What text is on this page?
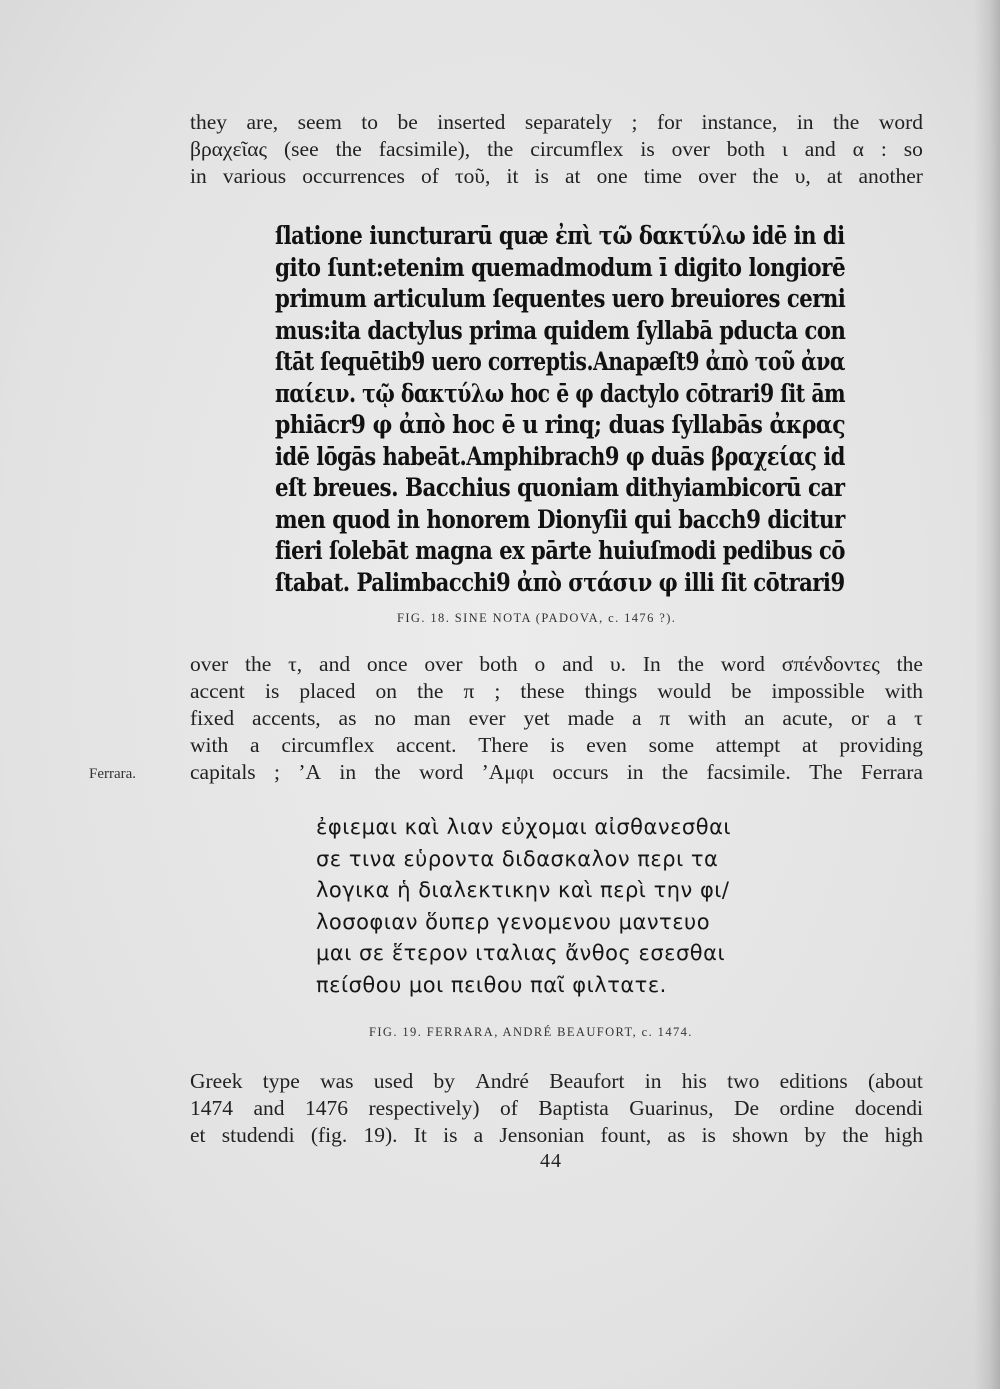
they are, seem to be inserted separately ; for instance, in the word
βραχεῖας (see the facsimile), the circumflex is over both ι and α : so
in various occurrences of τοῦ, it is at one time over the υ, at another
ſlatione iuncturarū quæ ἐπὶ τῶ δακτύλω idē in di
gito ſunt:etenim quemadmodum ī digito longiorē
primum articulum ſequentes uero breuiores cerni
mus:ita dactylus prima quidem ſyllabā pducta con
ſtāt ſequētib9 uero correptis.Anapæſt9 ἀπὸ τοῦ ἀνα
παίειν. τῷ δακτύλω hoc ē φ dactylo cōtrari9 ſit ām
phiācr9 φ ἀπὸ hoc ē u rinq; duas ſyllabās ἀκρας
idē lōgās habeāt.Amphibrach9 φ duās βραχείας id
eſt breues. Bacchius quoniam dithyiambicorū car
men quod in honorem Dionyſii qui bacch9 dicitur
fieri ſolebāt magna ex pārte huiuſmodi pedibus cō
ſtabat. Palimbacchi9 ἀπὸ στάσιν φ illi ſit cōtrari9
FIG. 18. SINE NOTA (PADOVA, c. 1476 ?).
Ferrara.
over the τ, and once over both ο and υ. In the word σπένδοντες the
accent is placed on the π ; these things would be impossible with
fixed accents, as no man ever yet made a π with an acute, or a τ
with a circumflex accent. There is even some attempt at providing
capitals ; ʼA in the word ʼΑμφι occurs in the facsimile. The Ferrara
ἐφιεμαι καὶ λιαν εὐχομαι αἰσθανεσθαι
σε τινα εὑροντα διδασκαλον περι τα
λογικα ἡ διαλεκτικην καὶ περὶ την φι/
λοσοφιαν ὅυπερ γενομενου μαντευο
μαι σε ἕτερον ιταλιας ἄνθος εσεσθαι
πείσθου μοι πειθου παῖ φιλτατε.
FIG. 19. FERRARA, ANDRÉ BEAUFORT, c. 1474.
Greek type was used by André Beaufort in his two editions (about
1474 and 1476 respectively) of Baptista Guarinus, De ordine docendi
et studendi (fig. 19). It is a Jensonian fount, as is shown by the high
44
